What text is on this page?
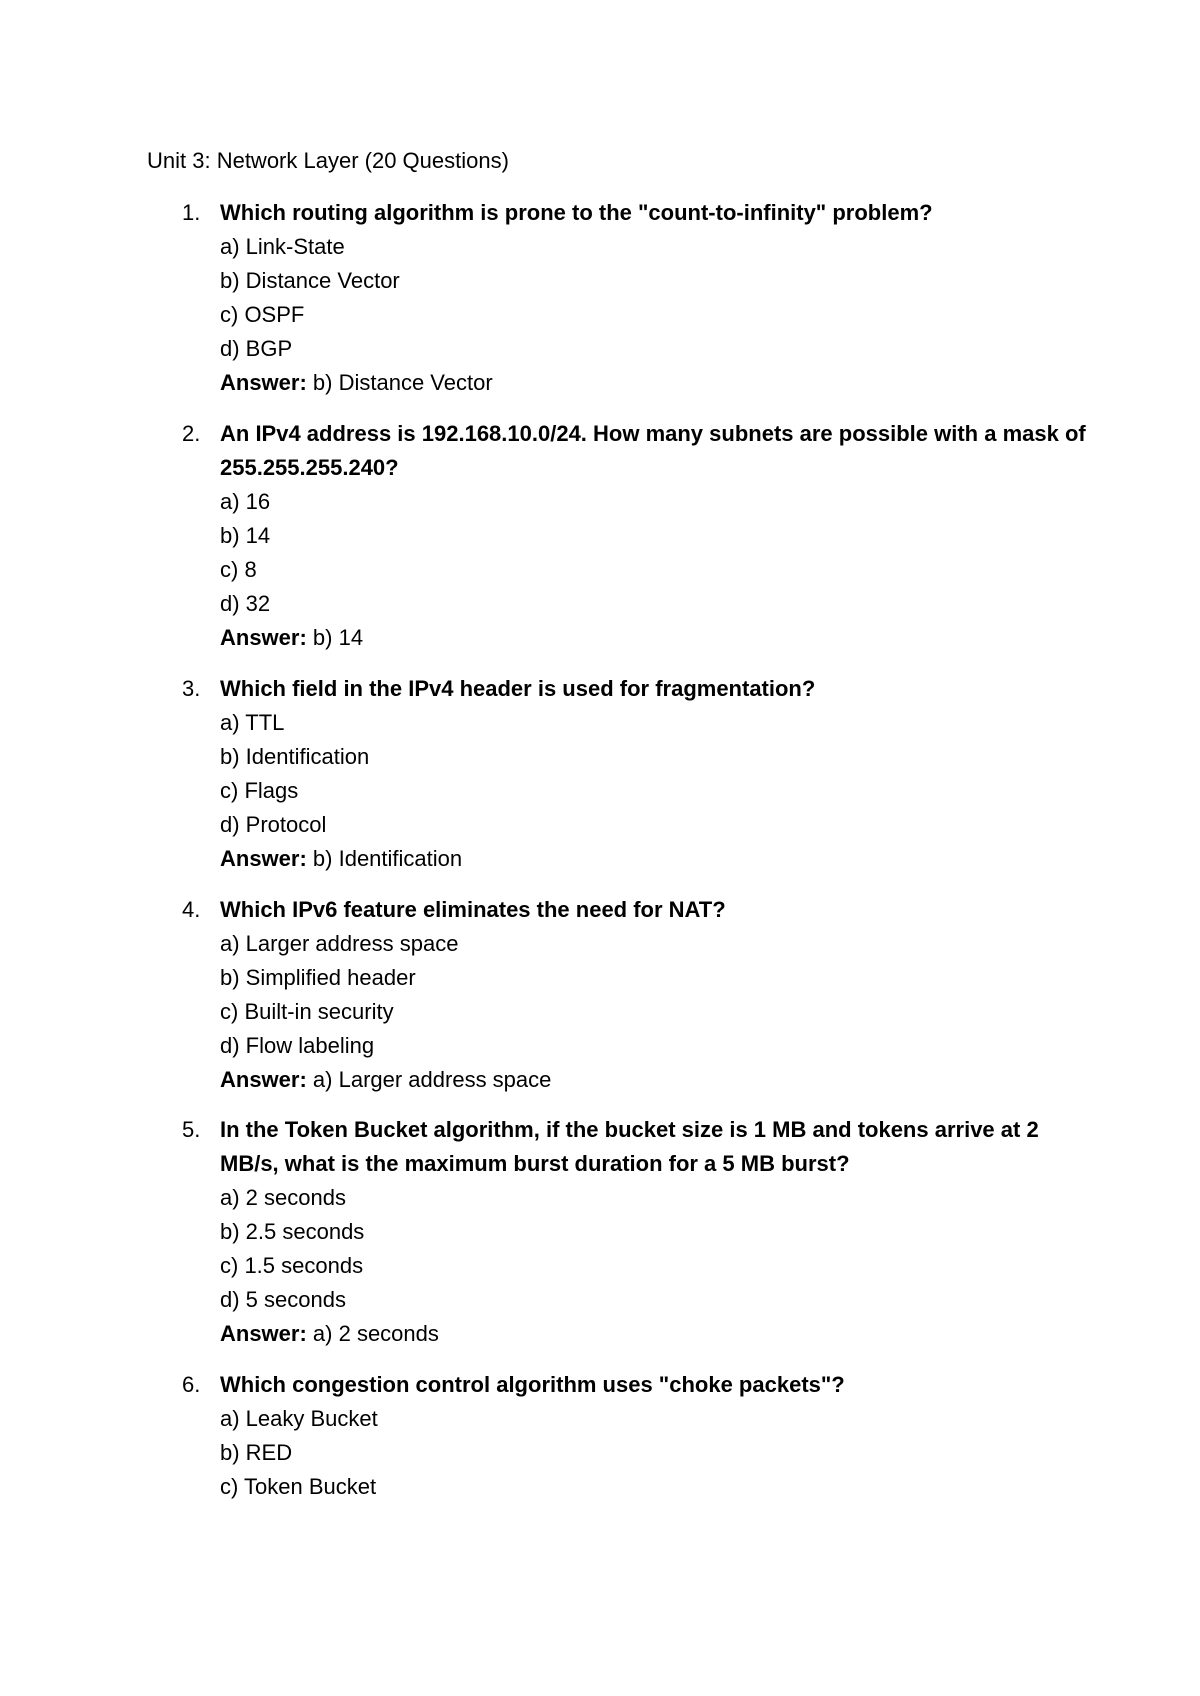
Unit 3: Network Layer (20 Questions)
1. Which routing algorithm is prone to the "count-to-infinity" problem?
a) Link-State
b) Distance Vector
c) OSPF
d) BGP
Answer: b) Distance Vector
2. An IPv4 address is 192.168.10.0/24. How many subnets are possible with a mask of 255.255.255.240?
a) 16
b) 14
c) 8
d) 32
Answer: b) 14
3. Which field in the IPv4 header is used for fragmentation?
a) TTL
b) Identification
c) Flags
d) Protocol
Answer: b) Identification
4. Which IPv6 feature eliminates the need for NAT?
a) Larger address space
b) Simplified header
c) Built-in security
d) Flow labeling
Answer: a) Larger address space
5. In the Token Bucket algorithm, if the bucket size is 1 MB and tokens arrive at 2 MB/s, what is the maximum burst duration for a 5 MB burst?
a) 2 seconds
b) 2.5 seconds
c) 1.5 seconds
d) 5 seconds
Answer: a) 2 seconds
6. Which congestion control algorithm uses "choke packets"?
a) Leaky Bucket
b) RED
c) Token Bucket
